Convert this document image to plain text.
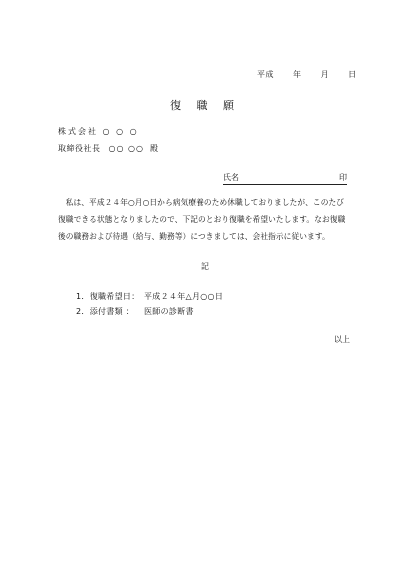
平成 年 月 日
復 職 願
株式会社 ○ ○ ○
取締役社長 ○○ ○○ 殿
氏名	印
私は、平成２４年○月○日から病気療養のため休職しておりましたが、このたび復職できる状態となりましたので、下記のとおり復職を希望いたします。なお復職後の職務および待遇（給与、勤務等）につきましては、会社指示に従います。
記
1．復職希望日： 平成２４年△月○○日
2．添付書類 ： 医師の診断書
以上
